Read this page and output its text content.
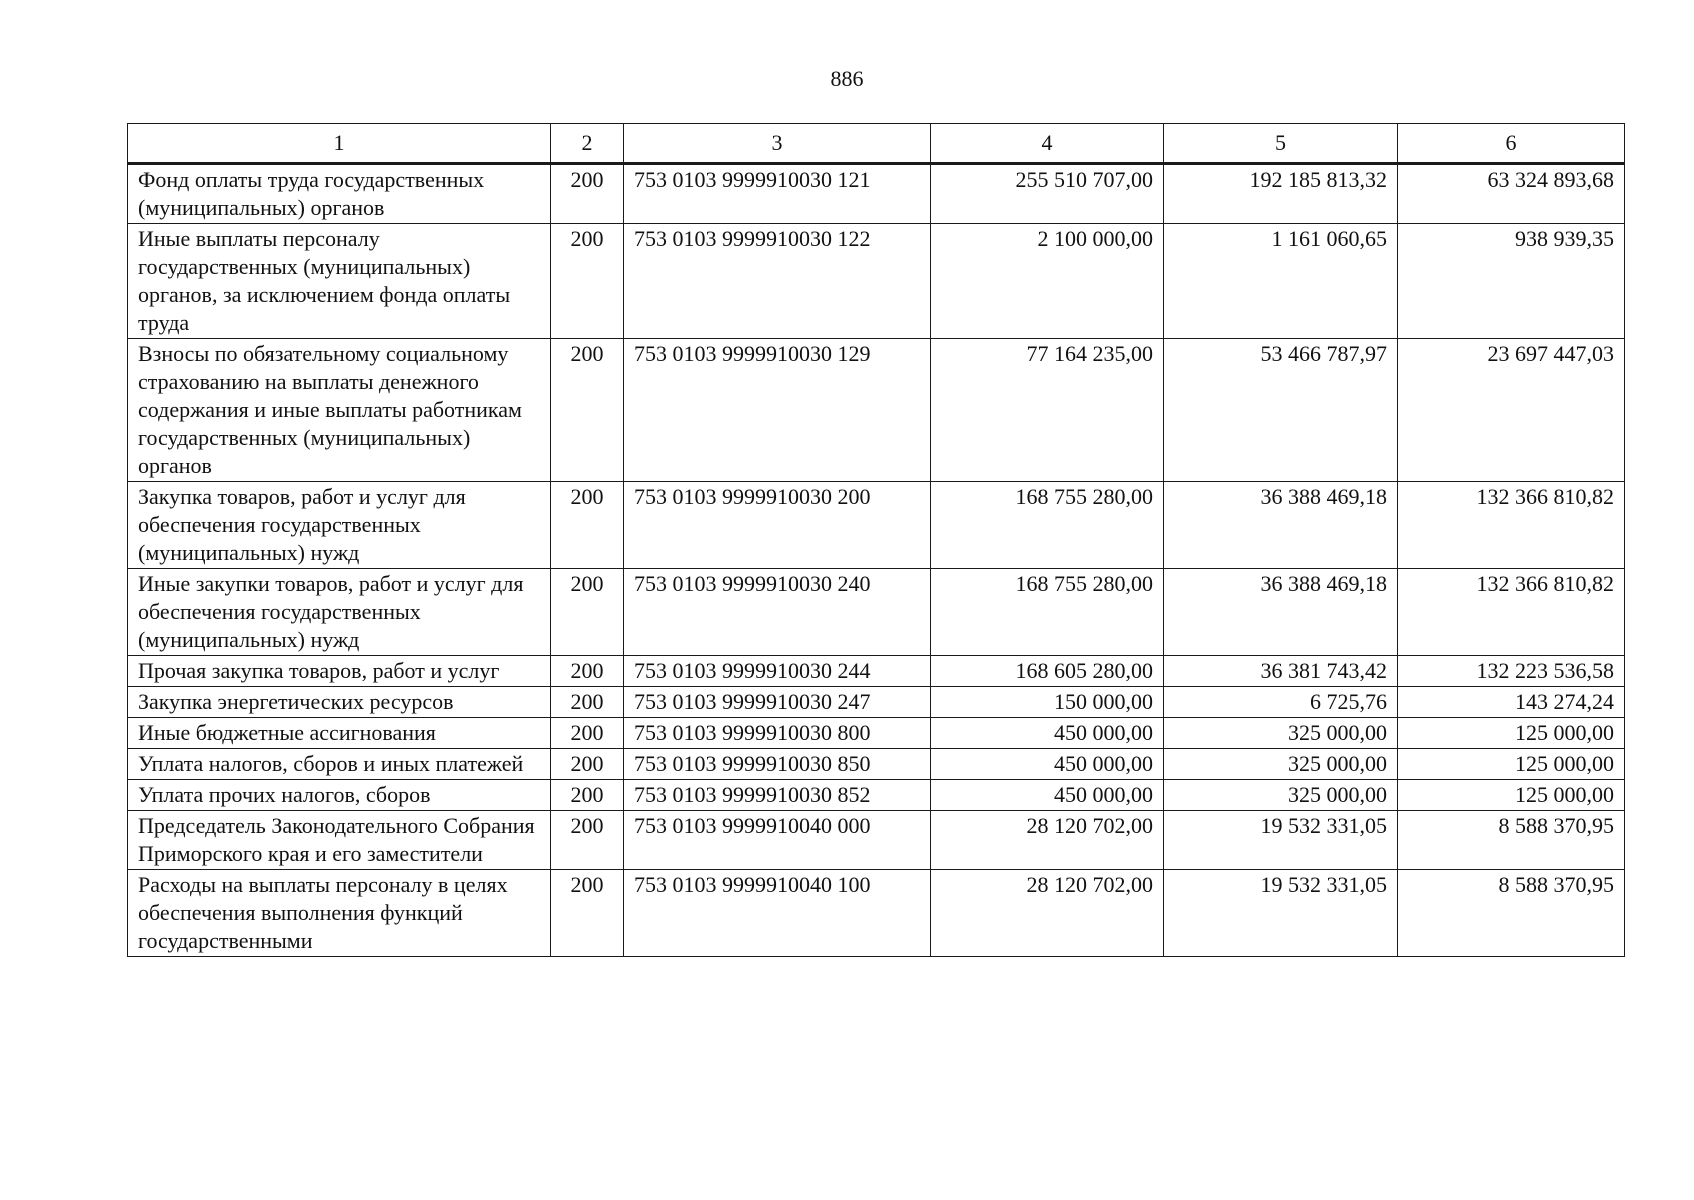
886
1	2	3	4	5	6
Фонд оплаты труда государственных (муниципальных) органов	200	753 0103 9999910030 121	255 510 707,00	192 185 813,32	63 324 893,68
Иные выплаты персоналу государственных (муниципальных) органов, за исключением фонда оплаты труда	200	753 0103 9999910030 122	2 100 000,00	1 161 060,65	938 939,35
Взносы по обязательному социальному страхованию на выплаты денежного содержания и иные выплаты работникам государственных (муниципальных) органов	200	753 0103 9999910030 129	77 164 235,00	53 466 787,97	23 697 447,03
Закупка товаров, работ и услуг для обеспечения государственных (муниципальных) нужд	200	753 0103 9999910030 200	168 755 280,00	36 388 469,18	132 366 810,82
Иные закупки товаров, работ и услуг для обеспечения государственных (муниципальных) нужд	200	753 0103 9999910030 240	168 755 280,00	36 388 469,18	132 366 810,82
Прочая закупка товаров, работ и услуг	200	753 0103 9999910030 244	168 605 280,00	36 381 743,42	132 223 536,58
Закупка энергетических ресурсов	200	753 0103 9999910030 247	150 000,00	6 725,76	143 274,24
Иные бюджетные ассигнования	200	753 0103 9999910030 800	450 000,00	325 000,00	125 000,00
Уплата налогов, сборов и иных платежей	200	753 0103 9999910030 850	450 000,00	325 000,00	125 000,00
Уплата прочих налогов, сборов	200	753 0103 9999910030 852	450 000,00	325 000,00	125 000,00
Председатель Законодательного Собрания Приморского края и его заместители	200	753 0103 9999910040 000	28 120 702,00	19 532 331,05	8 588 370,95
Расходы на выплаты персоналу в целях обеспечения выполнения функций государственными	200	753 0103 9999910040 100	28 120 702,00	19 532 331,05	8 588 370,95
